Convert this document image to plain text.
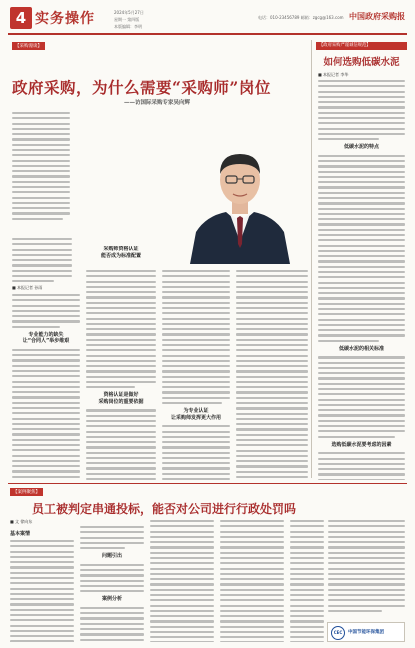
4 实务操作	2024年5月27日
星期一 第四版
本版编辑：李明
电话：010-23456789 邮箱：zgcg@163.com 中国政府采购报
【采购漫谈】
政府采购，为什么需要“采购师”岗位
——访国际采购专家吴向辉
■ 本报记者 孙雨
专业能力的缺失
让“合同人”举步维艰
资格认证是做好
采购岗位的重要依据
为专业认证
让采购师发挥更大作用
采购师资格认证
能否成为标准配置
【政府采购严谨诚信规范】
如何选购低碳水泥
■ 本报记者 李华
低碳水泥的特点
低碳水泥的相关标准
选购低碳水泥要考虑的因素
【案例聚焦】
员工被判定串通投标，能否对公司进行行政处罚吗
■ 文 徐向东
基本案情
问题引出
案例分析
CEC	中国节能环保集团
